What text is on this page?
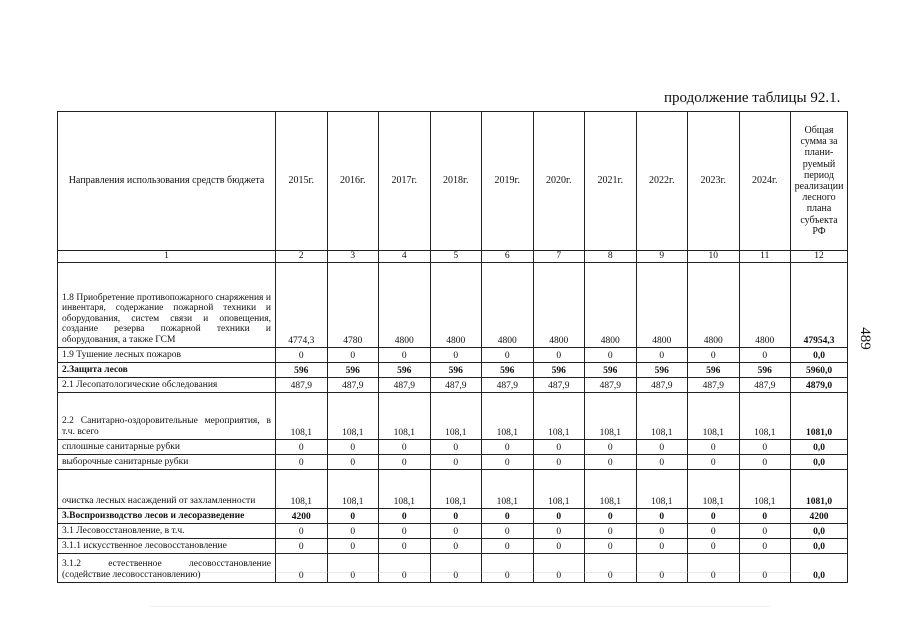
продолжение таблицы 92.1.
489
Направления использования средств бюджета	2015г.	2016г.	2017г.	2018г.	2019г.	2020г.	2021г.	2022г.	2023г.	2024г.	Общая сумма за плани-руемый период реализации лесного плана субъекта РФ
1	2	3	4	5	6	7	8	9	10	11	12
1.8 Приобретение противопожарного снаряжения и инвентаря, содержание пожарной техники и оборудования, систем связи и оповещения, создание резерва пожарной техники и оборудования, а также ГСМ	4774,3	4780	4800	4800	4800	4800	4800	4800	4800	4800	47954,3
1.9 Тушение лесных пожаров	0	0	0	0	0	0	0	0	0	0	0,0
2.Защита лесов	596	596	596	596	596	596	596	596	596	596	5960,0
2.1 Лесопатологические обследования	487,9	487,9	487,9	487,9	487,9	487,9	487,9	487,9	487,9	487,9	4879,0
2.2 Санитарно-оздоровительные мероприятия, в т.ч. всего	108,1	108,1	108,1	108,1	108,1	108,1	108,1	108,1	108,1	108,1	1081,0
сплошные санитарные рубки	0	0	0	0	0	0	0	0	0	0	0,0
выборочные санитарные рубки	0	0	0	0	0	0	0	0	0	0	0,0
очистка лесных насаждений от захламленности	108,1	108,1	108,1	108,1	108,1	108,1	108,1	108,1	108,1	108,1	1081,0
3.Воспроизводство лесов и лесоразведение	4200	0	0	0	0	0	0	0	0	0	4200
3.1 Лесовосстановление, в т.ч.	0	0	0	0	0	0	0	0	0	0	0,0
3.1.1 искусственное лесовосстановление	0	0	0	0	0	0	0	0	0	0	0,0
3.1.2 естественное лесовосстановление (содействие лесовосстановлению)	0	0	0	0	0	0	0	0	0	0	0,0
